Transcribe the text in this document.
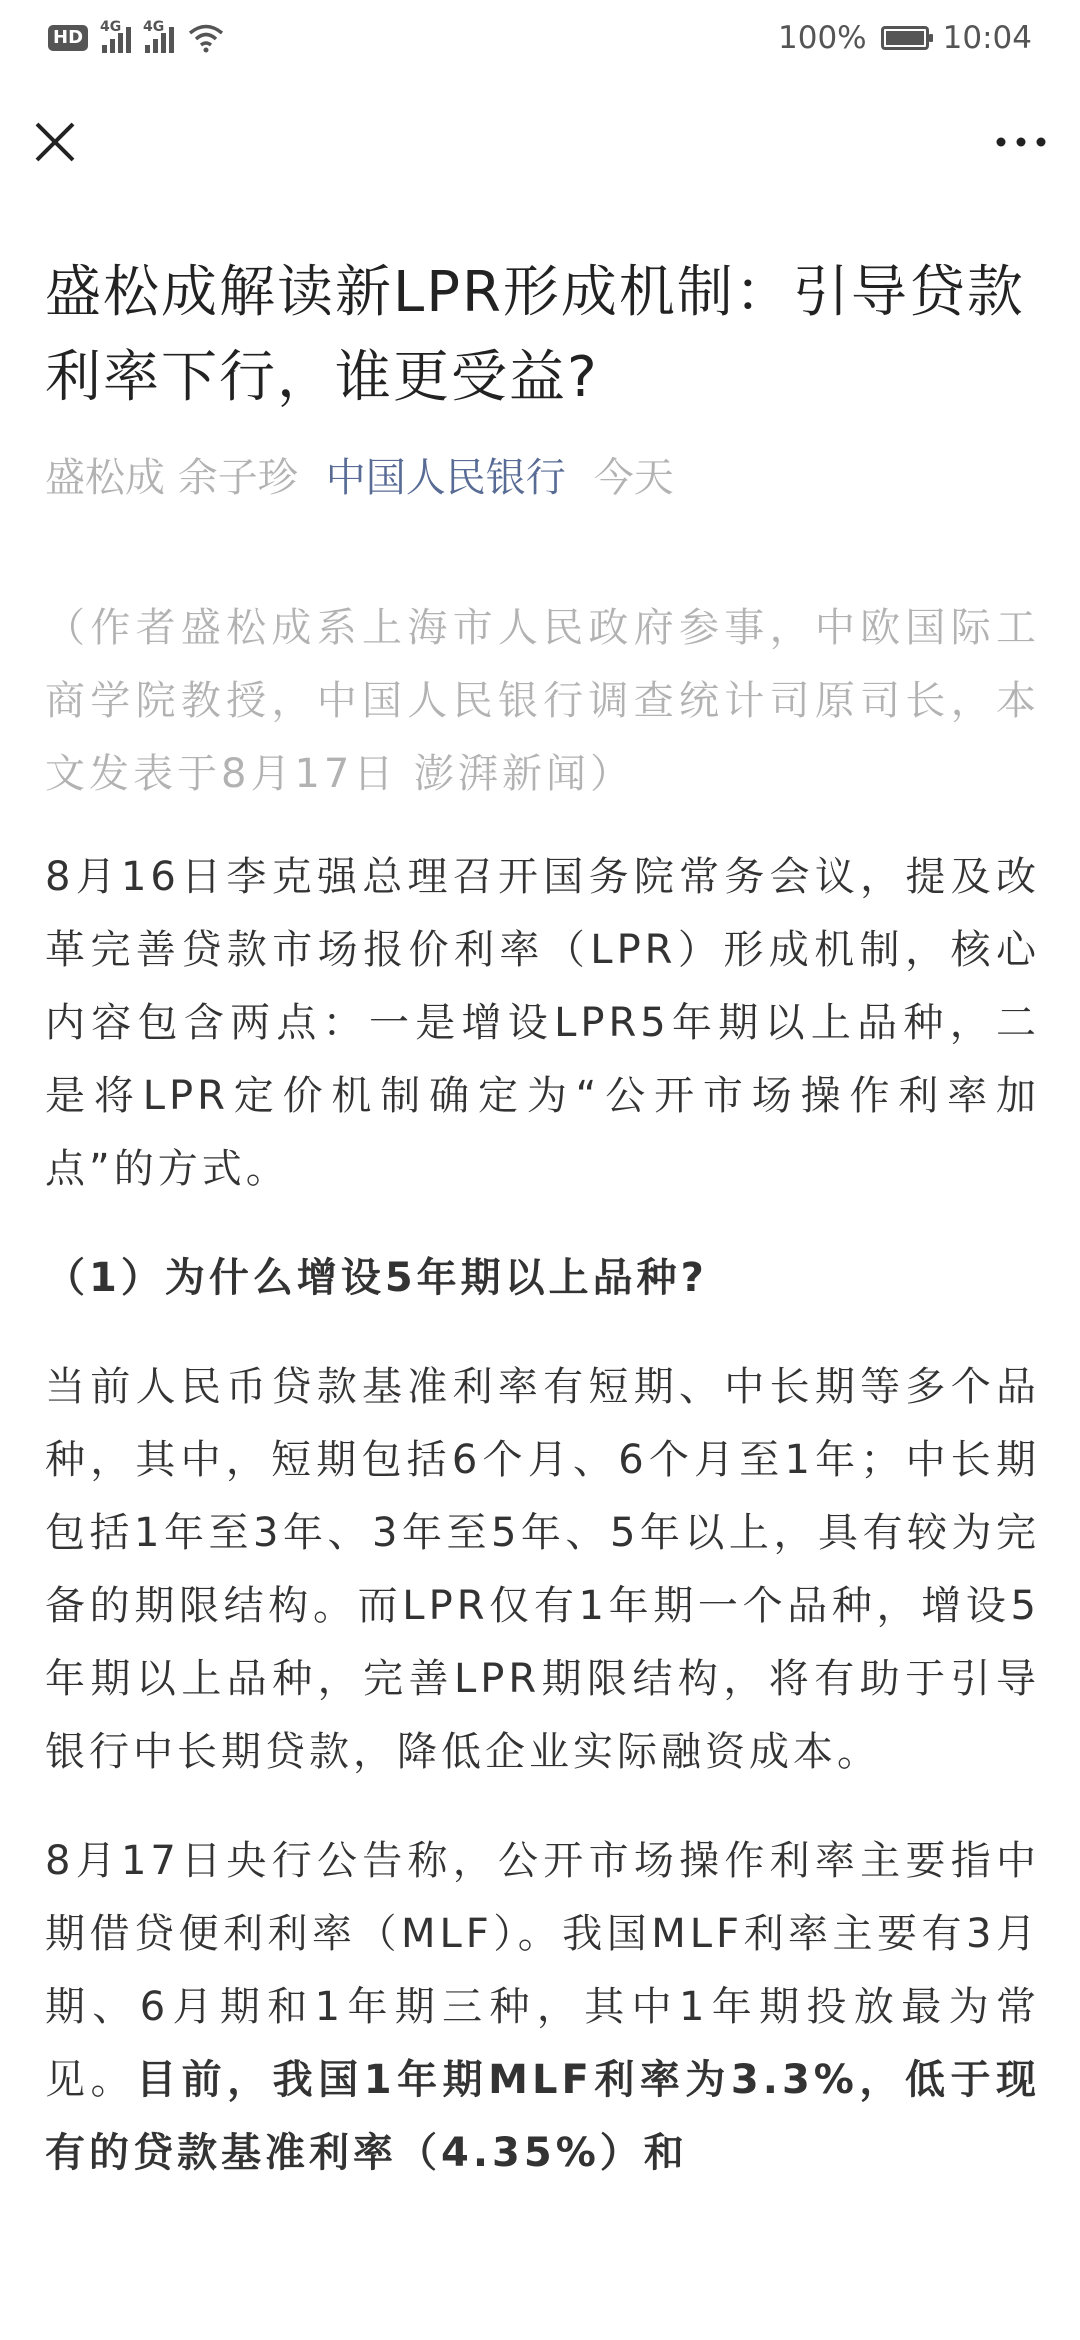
HD	4G 4G	100% 10:04
盛松成解读新LPR形成机制：引导贷款利率下行，谁更受益?
盛松成 余子珍 中国人民银行 今天

（作者盛松成系上海市人民政府参事，中欧国际工商学院教授，中国人民银行调查统计司原司长，本文发表于8月17日 澎湃新闻）

8月16日李克强总理召开国务院常务会议，提及改革完善贷款市场报价利率（LPR）形成机制，核心内容包含两点：一是增设LPR5年期以上品种，二是将LPR定价机制确定为“公开市场操作利率加点”的方式。

（1）为什么增设5年期以上品种?

当前人民币贷款基准利率有短期、中长期等多个品种，其中，短期包括6个月、6个月至1年；中长期包括1年至3年、3年至5年、5年以上，具有较为完备的期限结构。而LPR仅有1年期一个品种，增设5年期以上品种，完善LPR期限结构，将有助于引导银行中长期贷款，降低企业实际融资成本。

8月17日央行公告称，公开市场操作利率主要指中期借贷便利利率（MLF）。我国MLF利率主要有3月期、6月期和1年期三种，其中1年期投放最为常见。目前，我国1年期MLF利率为3.3%，低于现有的贷款基准利率（4.35%）和
